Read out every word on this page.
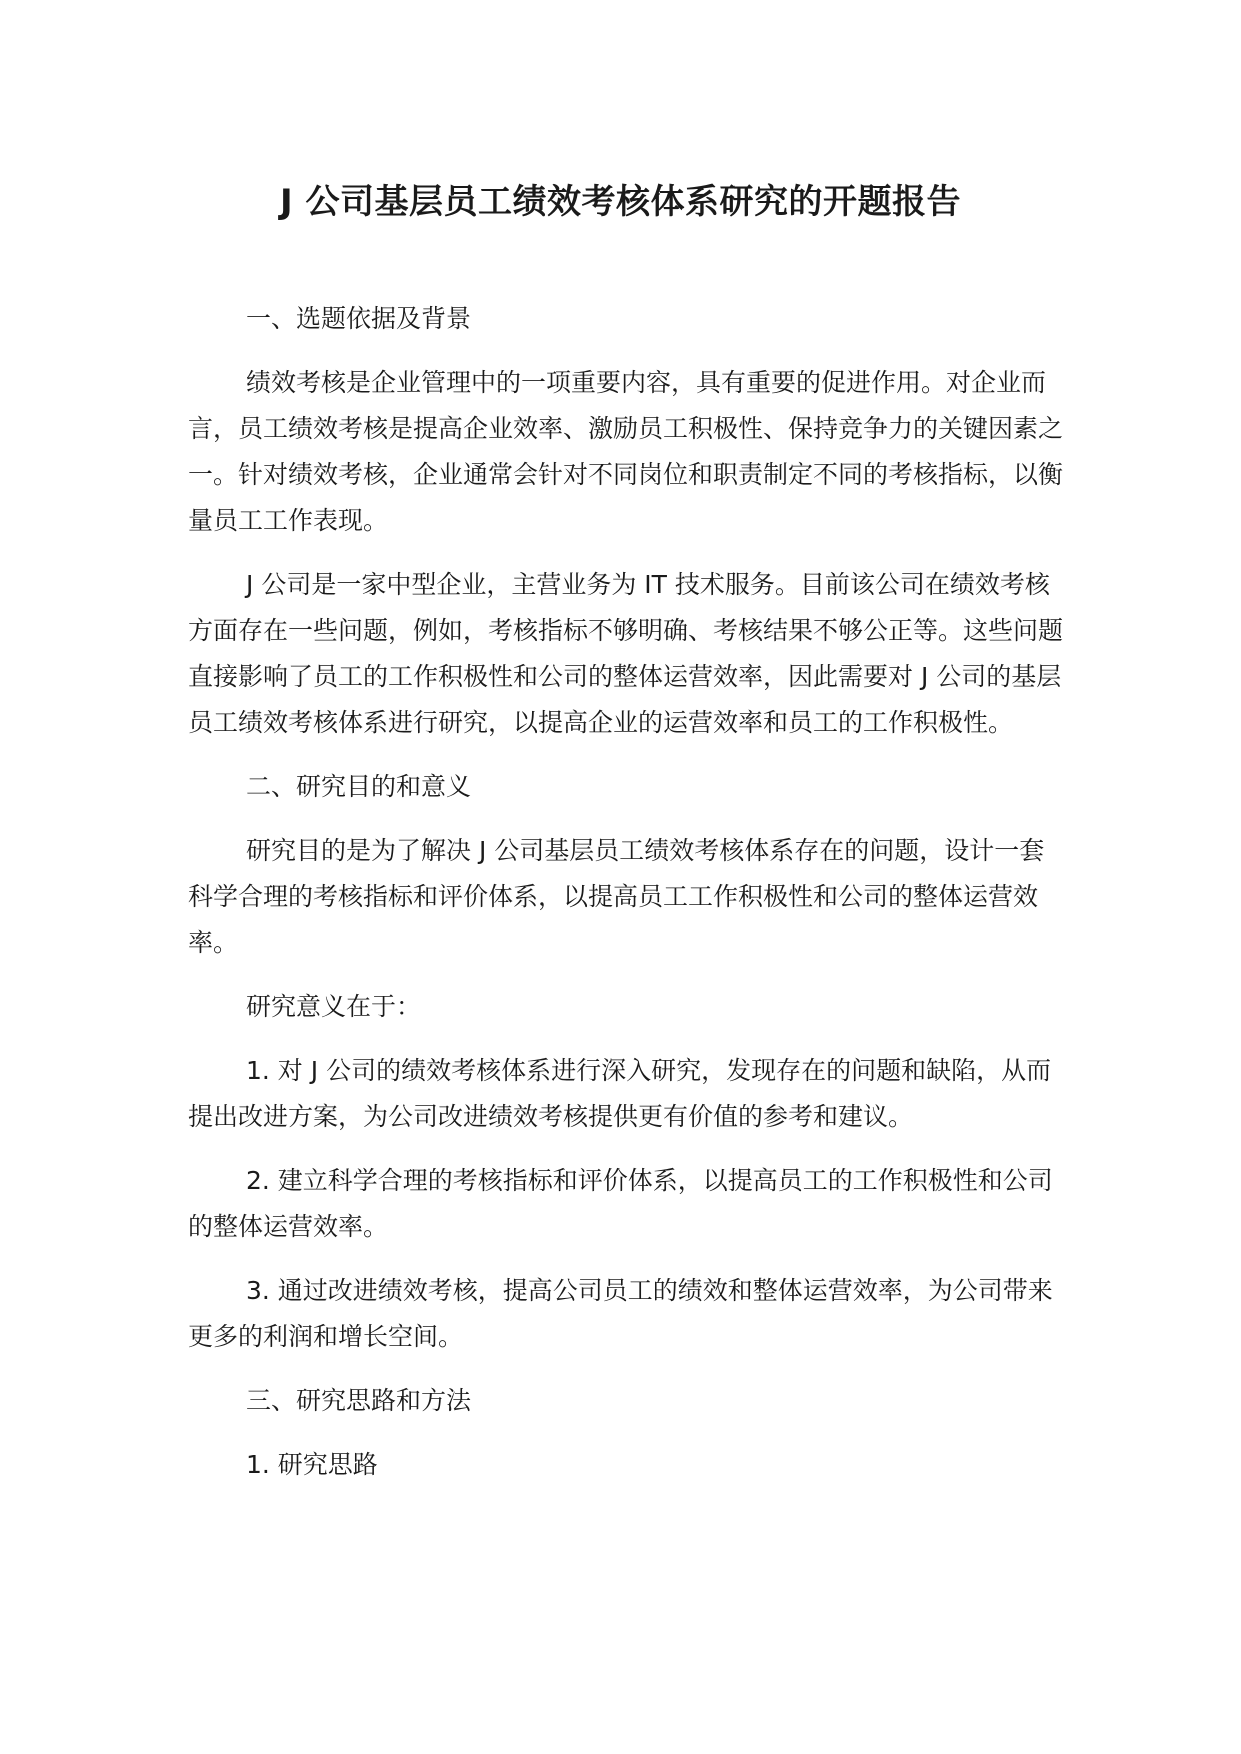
J 公司基层员工绩效考核体系研究的开题报告

一、选题依据及背景

绩效考核是企业管理中的一项重要内容，具有重要的促进作用。对企业而言，员工绩效考核是提高企业效率、激励员工积极性、保持竞争力的关键因素之一。针对绩效考核，企业通常会针对不同岗位和职责制定不同的考核指标，以衡量员工工作表现。

J 公司是一家中型企业，主营业务为 IT 技术服务。目前该公司在绩效考核方面存在一些问题，例如，考核指标不够明确、考核结果不够公正等。这些问题直接影响了员工的工作积极性和公司的整体运营效率，因此需要对 J 公司的基层员工绩效考核体系进行研究，以提高企业的运营效率和员工的工作积极性。

二、研究目的和意义

研究目的是为了解决 J 公司基层员工绩效考核体系存在的问题，设计一套科学合理的考核指标和评价体系，以提高员工工作积极性和公司的整体运营效率。

研究意义在于：

1. 对 J 公司的绩效考核体系进行深入研究，发现存在的问题和缺陷，从而提出改进方案，为公司改进绩效考核提供更有价值的参考和建议。

2. 建立科学合理的考核指标和评价体系，以提高员工的工作积极性和公司的整体运营效率。

3. 通过改进绩效考核，提高公司员工的绩效和整体运营效率，为公司带来更多的利润和增长空间。

三、研究思路和方法

1. 研究思路
